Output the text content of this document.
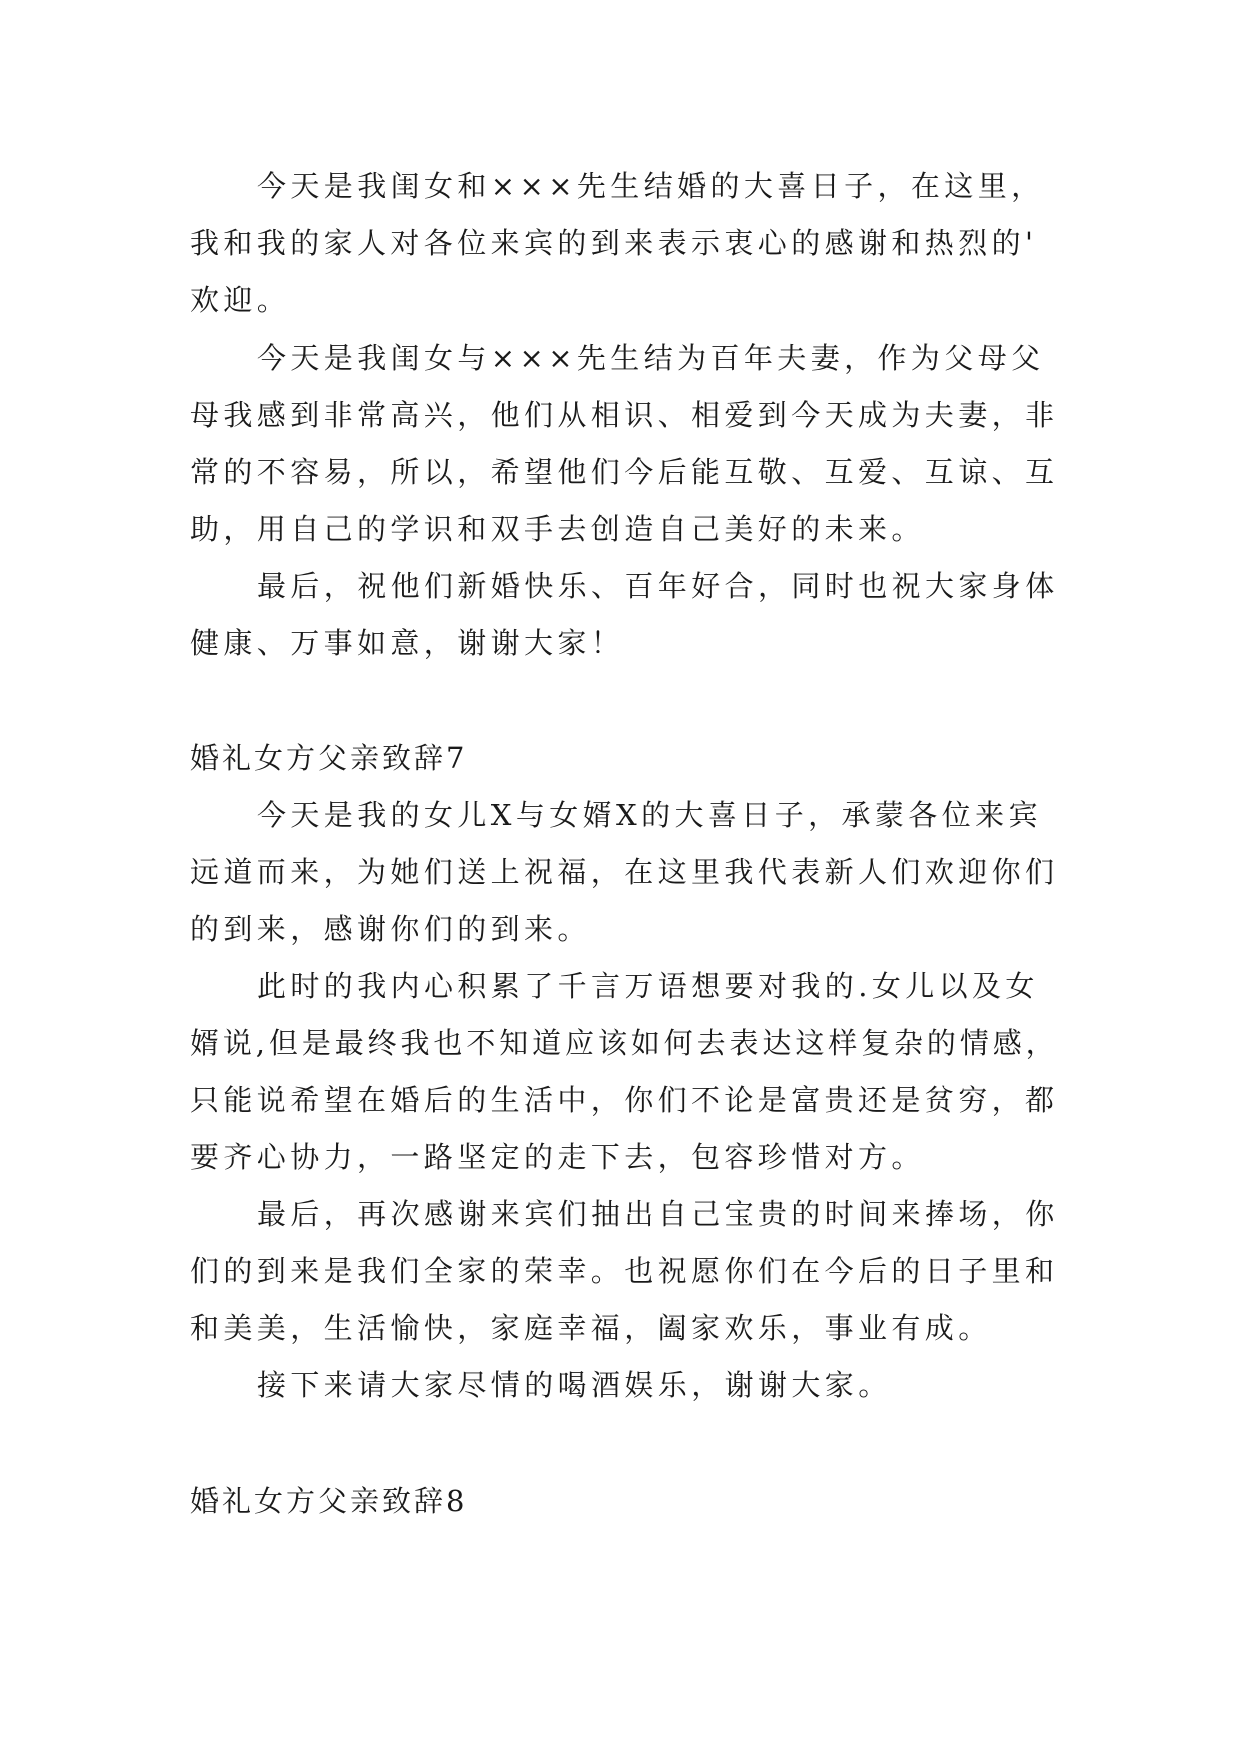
今天是我闺女和×××先生结婚的大喜日子，在这里，
我和我的家人对各位来宾的到来表示衷心的感谢和热烈的'
欢迎。
今天是我闺女与×××先生结为百年夫妻，作为父母父
母我感到非常高兴，他们从相识、相爱到今天成为夫妻，非
常的不容易，所以，希望他们今后能互敬、互爱、互谅、互
助，用自己的学识和双手去创造自己美好的未来。
最后，祝他们新婚快乐、百年好合，同时也祝大家身体
健康、万事如意，谢谢大家！
婚礼女方父亲致辞7
今天是我的女儿X与女婿X的大喜日子，承蒙各位来宾
远道而来，为她们送上祝福，在这里我代表新人们欢迎你们
的到来，感谢你们的到来。
此时的我内心积累了千言万语想要对我的.女儿以及女
婿说,但是最终我也不知道应该如何去表达这样复杂的情感，
只能说希望在婚后的生活中，你们不论是富贵还是贫穷，都
要齐心协力，一路坚定的走下去，包容珍惜对方。
最后，再次感谢来宾们抽出自己宝贵的时间来捧场，你
们的到来是我们全家的荣幸。也祝愿你们在今后的日子里和
和美美，生活愉快，家庭幸福，阖家欢乐，事业有成。
接下来请大家尽情的喝酒娱乐，谢谢大家。
婚礼女方父亲致辞8
